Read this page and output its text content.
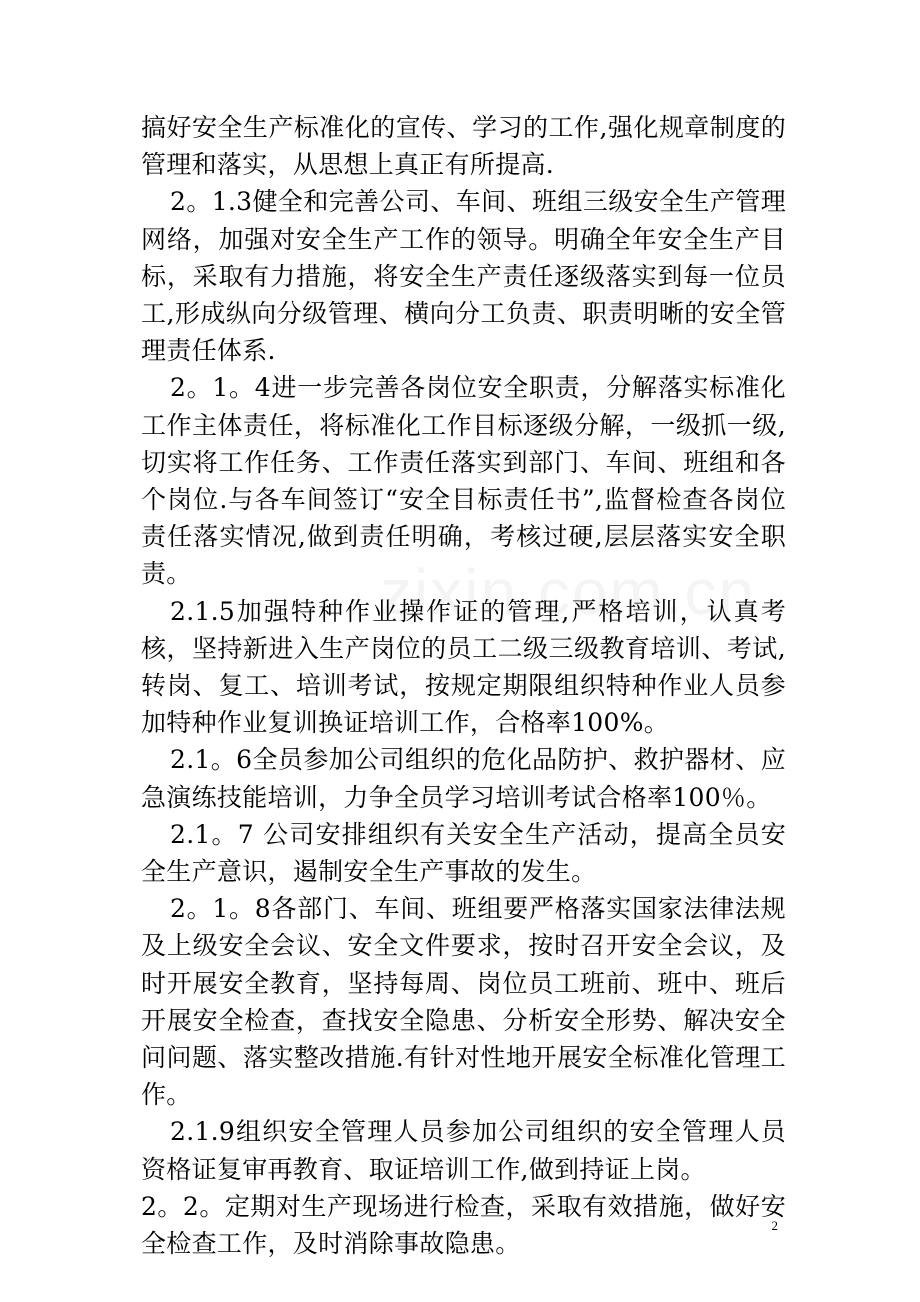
搞好安全生产标准化的宣传、学习的工作,强化规章制度的管理和落实，从思想上真正有所提高.

2。1.3健全和完善公司、车间、班组三级安全生产管理网络，加强对安全生产工作的领导。明确全年安全生产目标，采取有力措施，将安全生产责任逐级落实到每一位员工,形成纵向分级管理、横向分工负责、职责明晰的安全管理责任体系.

2。1。4进一步完善各岗位安全职责，分解落实标准化工作主体责任，将标准化工作目标逐级分解，一级抓一级,切实将工作任务、工作责任落实到部门、车间、班组和各个岗位.与各车间签订“安全目标责任书”,监督检查各岗位责任落实情况,做到责任明确，考核过硬,层层落实安全职责。

2.1.5加强特种作业操作证的管理,严格培训，认真考核，坚持新进入生产岗位的员工二级三级教育培训、考试,转岗、复工、培训考试，按规定期限组织特种作业人员参加特种作业复训换证培训工作，合格率100%。

2.1。6全员参加公司组织的危化品防护、救护器材、应急演练技能培训，力争全员学习培训考试合格率100％。

2.1。7 公司安排组织有关安全生产活动，提高全员安全生产意识，遏制安全生产事故的发生。

2。1。8各部门、车间、班组要严格落实国家法律法规及上级安全会议、安全文件要求，按时召开安全会议，及时开展安全教育，坚持每周、岗位员工班前、班中、班后开展安全检查，查找安全隐患、分析安全形势、解决安全问问题、落实整改措施.有针对性地开展安全标准化管理工作。

2.1.9组织安全管理人员参加公司组织的安全管理人员资格证复审再教育、取证培训工作,做到持证上岗。

2。2。定期对生产现场进行检查，采取有效措施，做好安全检查工作，及时消除事故隐患。

2
